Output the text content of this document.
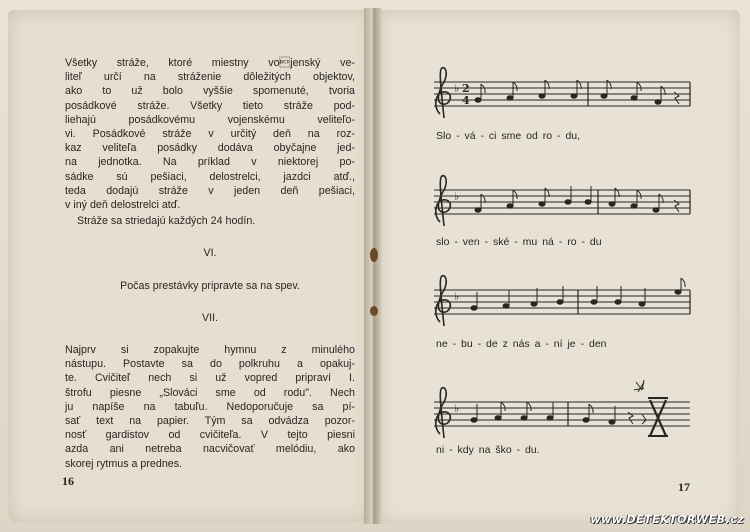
Všetky stráže, ktoré miestny vojenský ve-

liteľ určí na stráženie dôležitých objektov,

ako to už bolo vyššie spomenuté, tvoria

posádkové stráže. Všetky tieto stráže pod-

liehajú posádkovému vojenskému veliteľo-

vi. Posádkové stráže v určitý deň na roz-

kaz veliteľa posádky dodáva obyčajne jed-

na jednotka. Na príklad v niektorej po-

sádke sú pešiaci, delostrelci, jazdci atď.,

teda dodajú stráže v jeden deň pešiaci,

v iný deň delostrelci atď.

Stráže sa striedajú každých 24 hodín.

VI.

Počas prestávky pripravte sa na spev.

VII.

Najprv si zopakujte hymnu z minulého

nástupu. Postavte sa do polkruhu a opakuj-

te. Cvičiteľ nech si už vopred pripraví I.

štrofu piesne „Slováci sme od rodu". Nech

ju napíše na tabuľu. Nedoporučuje sa pí-

sať text na papier. Tým sa odvádza pozor-

nosť gardistov od cvičiteľa. V tejto piesni

azda ani netreba nacvičovať melódiu, ako

skorej rytmus a prednes.

16
♭ 2
4
Slo - vá - ci sme od ro - du,
♭
slo - ven - ské - mu ná - ro - du
♭
ne - bu - de z nás a - ní je - den
♭
ni - kdy na ško - du.
17
www.DETEKTORWEB.cz
